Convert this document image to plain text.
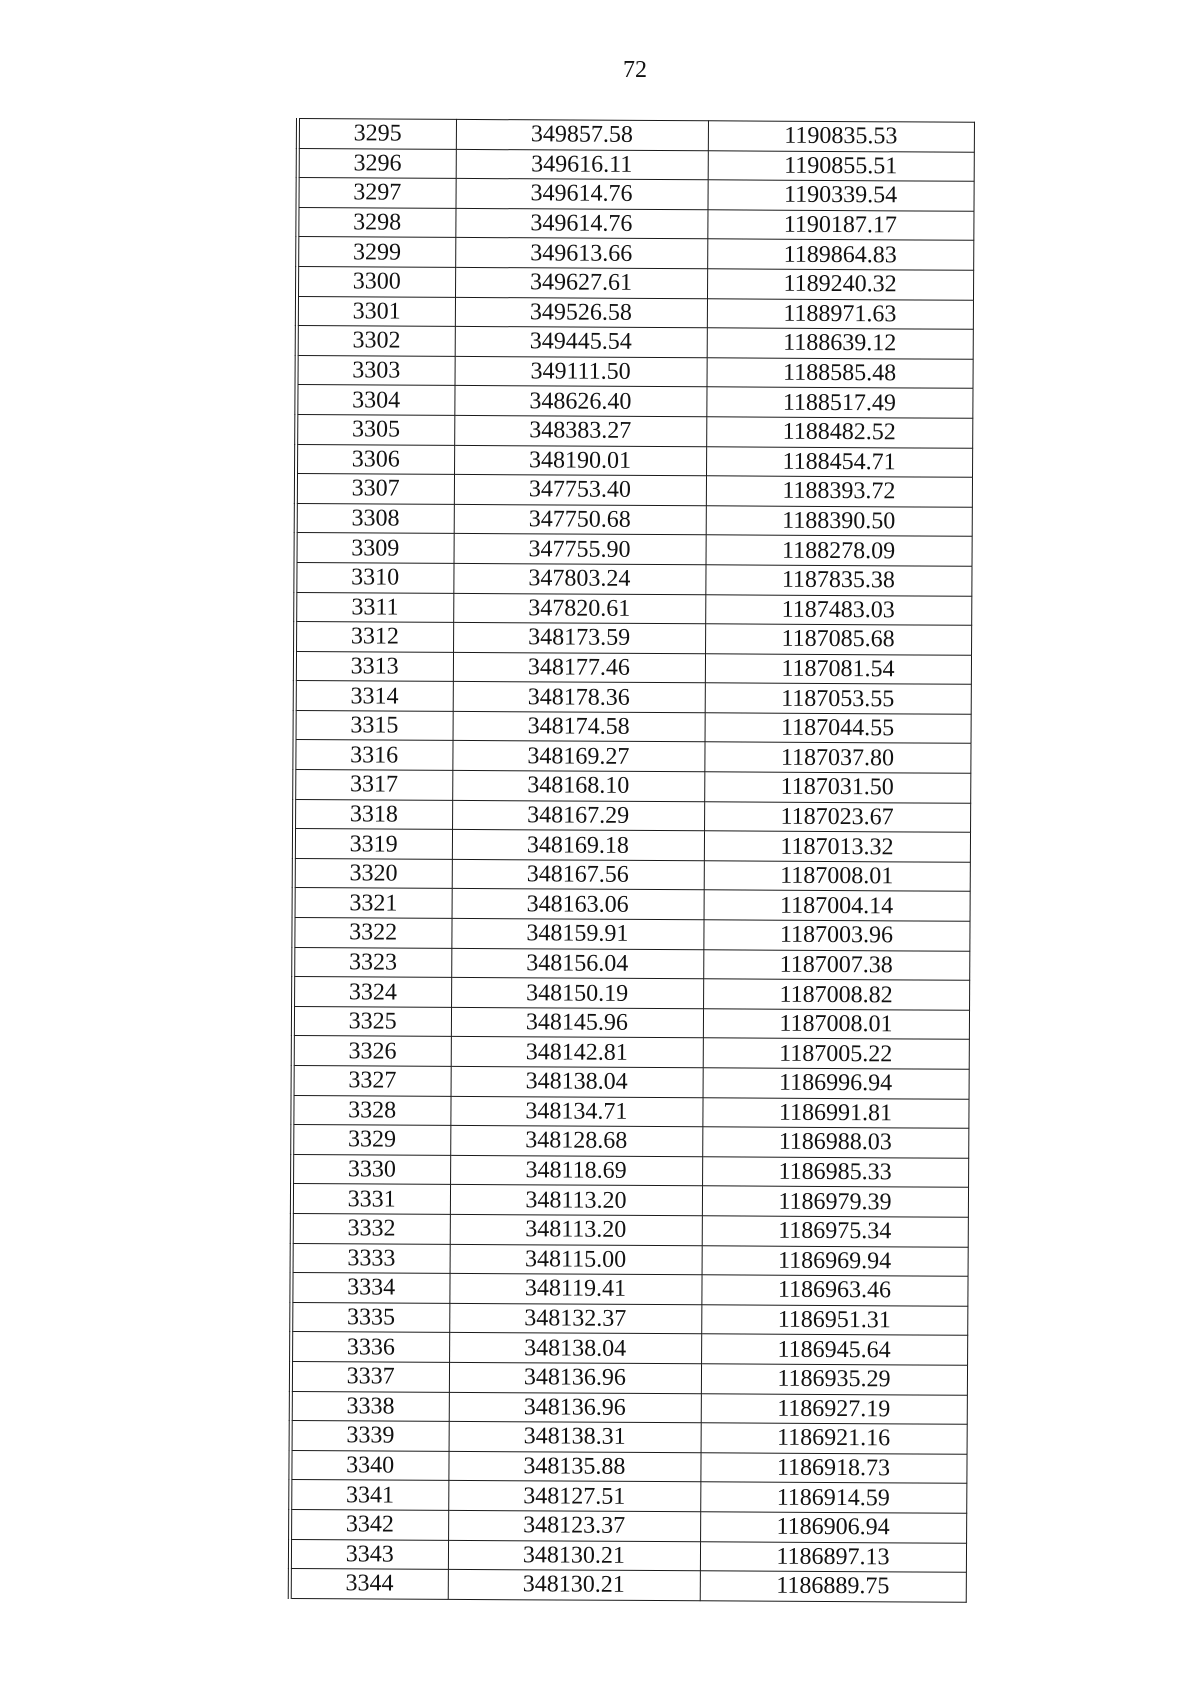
72
3295	349857.58	1190835.53
3296	349616.11	1190855.51
3297	349614.76	1190339.54
3298	349614.76	1190187.17
3299	349613.66	1189864.83
3300	349627.61	1189240.32
3301	349526.58	1188971.63
3302	349445.54	1188639.12
3303	349111.50	1188585.48
3304	348626.40	1188517.49
3305	348383.27	1188482.52
3306	348190.01	1188454.71
3307	347753.40	1188393.72
3308	347750.68	1188390.50
3309	347755.90	1188278.09
3310	347803.24	1187835.38
3311	347820.61	1187483.03
3312	348173.59	1187085.68
3313	348177.46	1187081.54
3314	348178.36	1187053.55
3315	348174.58	1187044.55
3316	348169.27	1187037.80
3317	348168.10	1187031.50
3318	348167.29	1187023.67
3319	348169.18	1187013.32
3320	348167.56	1187008.01
3321	348163.06	1187004.14
3322	348159.91	1187003.96
3323	348156.04	1187007.38
3324	348150.19	1187008.82
3325	348145.96	1187008.01
3326	348142.81	1187005.22
3327	348138.04	1186996.94
3328	348134.71	1186991.81
3329	348128.68	1186988.03
3330	348118.69	1186985.33
3331	348113.20	1186979.39
3332	348113.20	1186975.34
3333	348115.00	1186969.94
3334	348119.41	1186963.46
3335	348132.37	1186951.31
3336	348138.04	1186945.64
3337	348136.96	1186935.29
3338	348136.96	1186927.19
3339	348138.31	1186921.16
3340	348135.88	1186918.73
3341	348127.51	1186914.59
3342	348123.37	1186906.94
3343	348130.21	1186897.13
3344	348130.21	1186889.75
